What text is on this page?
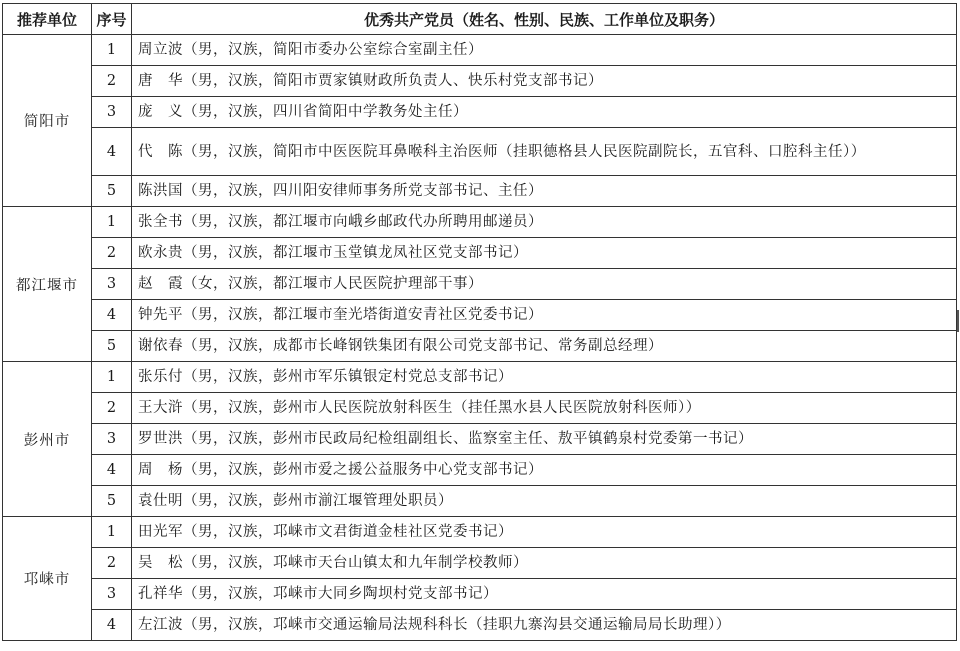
推荐单位	序号	优秀共产党员（姓名、性别、民族、工作单位及职务）
简阳市	1	周立波（男，汉族，简阳市委办公室综合室副主任）
	2	唐　华（男，汉族，简阳市贾家镇财政所负责人、快乐村党支部书记）
	3	庞　义（男，汉族，四川省简阳中学教务处主任）
	4	代　陈（男，汉族，简阳市中医医院耳鼻喉科主治医师（挂职德格县人民医院副院长，五官科、口腔科主任））
	5	陈洪国（男，汉族，四川阳安律师事务所党支部书记、主任）
都江堰市	1	张全书（男，汉族，都江堰市向峨乡邮政代办所聘用邮递员）
	2	欧永贵（男，汉族，都江堰市玉堂镇龙凤社区党支部书记）
	3	赵　霞（女，汉族，都江堰市人民医院护理部干事）
	4	钟先平（男，汉族，都江堰市奎光塔街道安青社区党委书记）
	5	谢依春（男，汉族，成都市长峰钢铁集团有限公司党支部书记、常务副总经理）
彭州市	1	张乐付（男，汉族，彭州市军乐镇银定村党总支部书记）
	2	王大浒（男，汉族，彭州市人民医院放射科医生（挂任黑水县人民医院放射科医师））
	3	罗世洪（男，汉族，彭州市民政局纪检组副组长、监察室主任、敖平镇鹤泉村党委第一书记）
	4	周　杨（男，汉族，彭州市爱之援公益服务中心党支部书记）
	5	袁仕明（男，汉族，彭州市湔江堰管理处职员）
邛崃市	1	田光军（男，汉族，邛崃市文君街道金桂社区党委书记）
	2	吴　松（男，汉族，邛崃市天台山镇太和九年制学校教师）
	3	孔祥华（男，汉族，邛崃市大同乡陶坝村党支部书记）
	4	左江波（男，汉族，邛崃市交通运输局法规科科长（挂职九寨沟县交通运输局局长助理））
